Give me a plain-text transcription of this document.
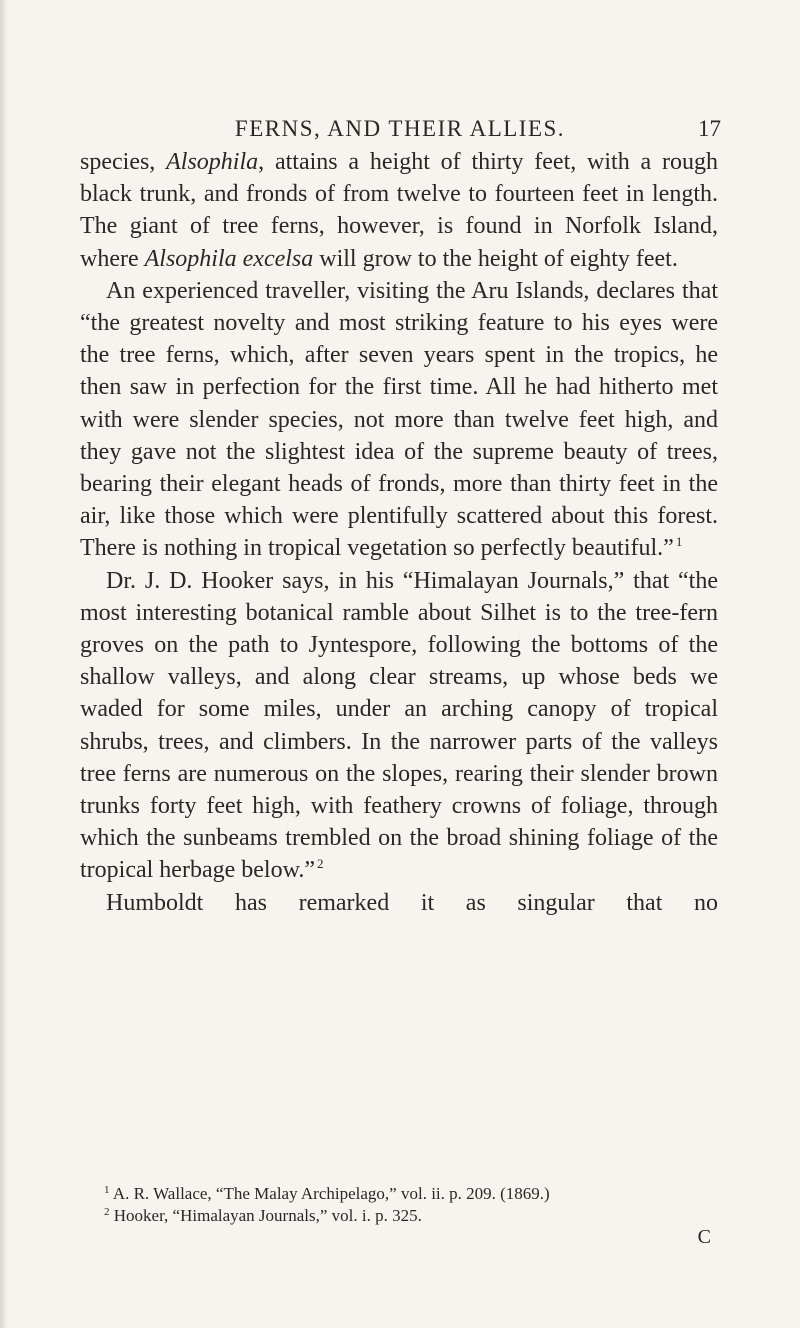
FERNS, AND THEIR ALLIES.	17

species, Alsophila, attains a height of thirty feet, with a rough black trunk, and fronds of from twelve to fourteen feet in length. The giant of tree ferns, however, is found in Norfolk Island, where Alsophila excelsa will grow to the height of eighty feet.

An experienced traveller, visiting the Aru Islands, declares that “the greatest novelty and most striking feature to his eyes were the tree ferns, which, after seven years spent in the tropics, he then saw in perfection for the first time. All he had hitherto met with were slender species, not more than twelve feet high, and they gave not the slightest idea of the supreme beauty of trees, bearing their elegant heads of fronds, more than thirty feet in the air, like those which were plentifully scattered about this forest. There is nothing in tropical vegetation so perfectly beautiful.”  $^1$

Dr. J. D. Hooker says, in his “Himalayan Journals,” that “the most interesting botanical ramble about Silhet is to the tree-fern groves on the path to Jyntespore, following the bottoms of the shallow valleys, and along clear streams, up whose beds we waded for some miles, under an arching canopy of tropical shrubs, trees, and climbers. In the narrower parts of the valleys tree ferns are numerous on the slopes, rearing their slender brown trunks forty feet high, with feathery crowns of foliage, through which the sunbeams trembled on the broad shining foliage of the tropical herbage below.”  $^2$

Humboldt has remarked it as singular that no

$^1$ A. R. Wallace, “The Malay Archipelago,” vol. ii. p. 209. (1869.)

$^2$ Hooker, “Himalayan Journals,” vol. i. p. 325.

C
